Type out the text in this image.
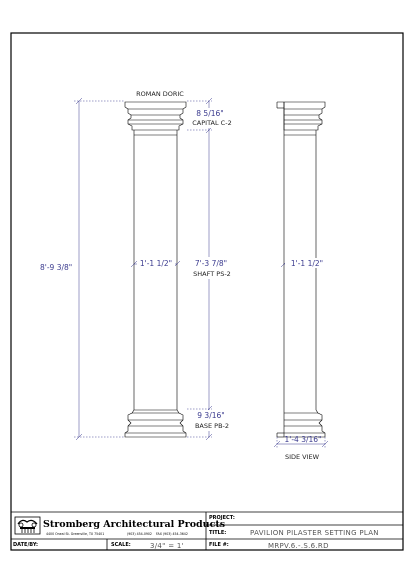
ROMAN DORIC
8'-9 3/8"
8 5/16"
CAPITAL C-2
7'-3 7/8"
SHAFT PS-2
9 3/16"
BASE PB-2
1'-1 1/2"	1'-1 1/2"
1'-4 3/16"
SIDE VIEW
Stromberg Architectural Products
4400 Oneal St. Greenville, TX 75401	(903) 454-0902 FAX (903) 454-3642
PROJECT:
TITLE:	PAVILION PILASTER SETTING PLAN
DATE/BY:	SCALE:	3/4" = 1'	FILE #:	MRPV.6.-.S.6.RD
